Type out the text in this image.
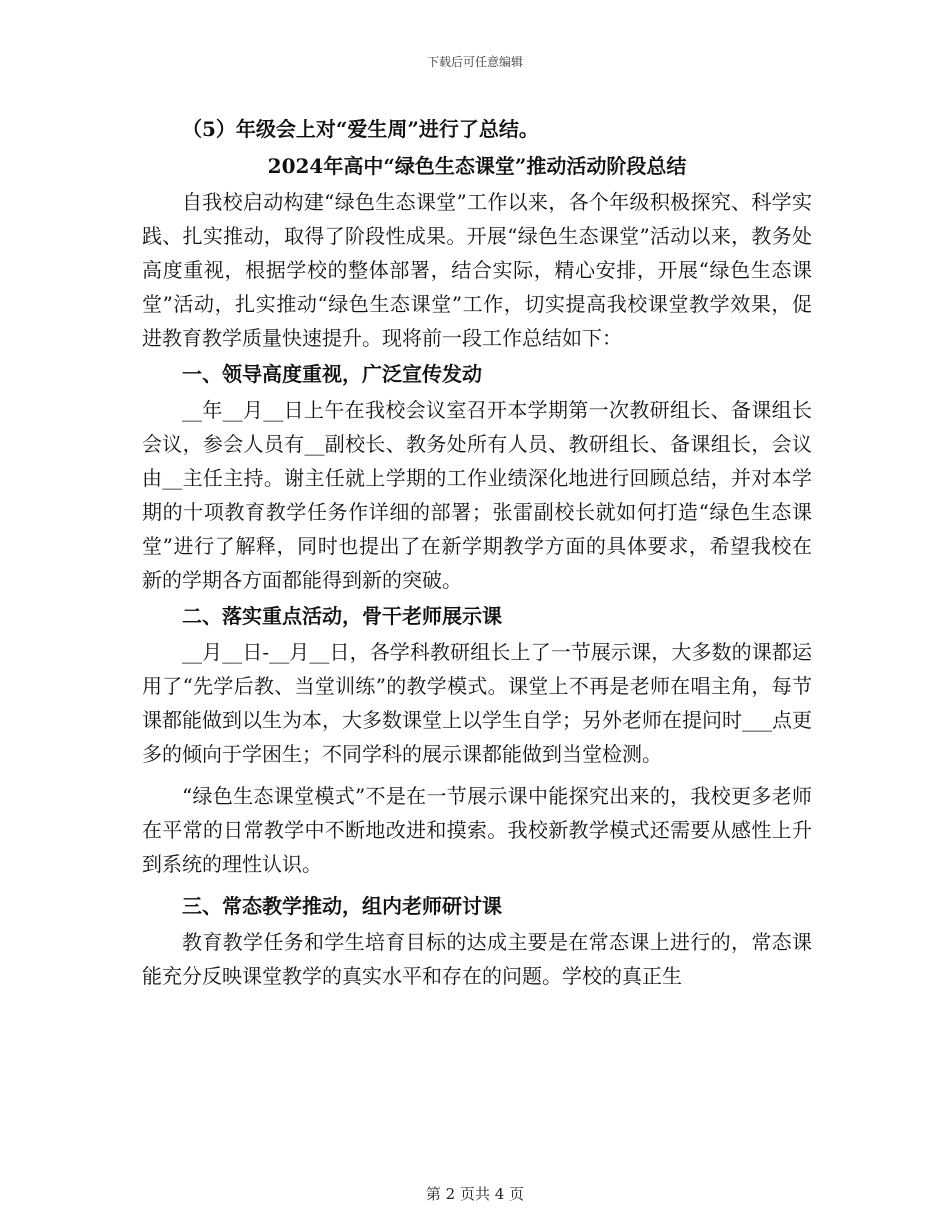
下载后可任意编辑

（5）年级会上对“爱生周”进行了总结。

2024年高中“绿色生态课堂”推动活动阶段总结

自我校启动构建“绿色生态课堂”工作以来，各个年级积极探究、科学实践、扎实推动，取得了阶段性成果。开展“绿色生态课堂”活动以来，教务处高度重视，根据学校的整体部署，结合实际，精心安排，开展“绿色生态课堂”活动，扎实推动“绿色生态课堂”工作，切实提高我校课堂教学效果，促进教育教学质量快速提升。现将前一段工作总结如下：

一、领导高度重视，广泛宣传发动

__年__月__日上午在我校会议室召开本学期第一次教研组长、备课组长会议，参会人员有__副校长、教务处所有人员、教研组长、备课组长，会议由__主任主持。谢主任就上学期的工作业绩深化地进行回顾总结，并对本学期的十项教育教学任务作详细的部署；张雷副校长就如何打造“绿色生态课堂”进行了解释，同时也提出了在新学期教学方面的具体要求，希望我校在新的学期各方面都能得到新的突破。

二、落实重点活动，骨干老师展示课

__月__日-__月__日，各学科教研组长上了一节展示课，大多数的课都运用了“先学后教、当堂训练”的教学模式。课堂上不再是老师在唱主角，每节课都能做到以生为本，大多数课堂上以学生自学；另外老师在提问时___点更多的倾向于学困生；不同学科的展示课都能做到当堂检测。

“绿色生态课堂模式”不是在一节展示课中能探究出来的，我校更多老师在平常的日常教学中不断地改进和摸索。我校新教学模式还需要从感性上升到系统的理性认识。

三、常态教学推动，组内老师研讨课

教育教学任务和学生培育目标的达成主要是在常态课上进行的，常态课能充分反映课堂教学的真实水平和存在的问题。学校的真正生

第 2 页共 4 页
